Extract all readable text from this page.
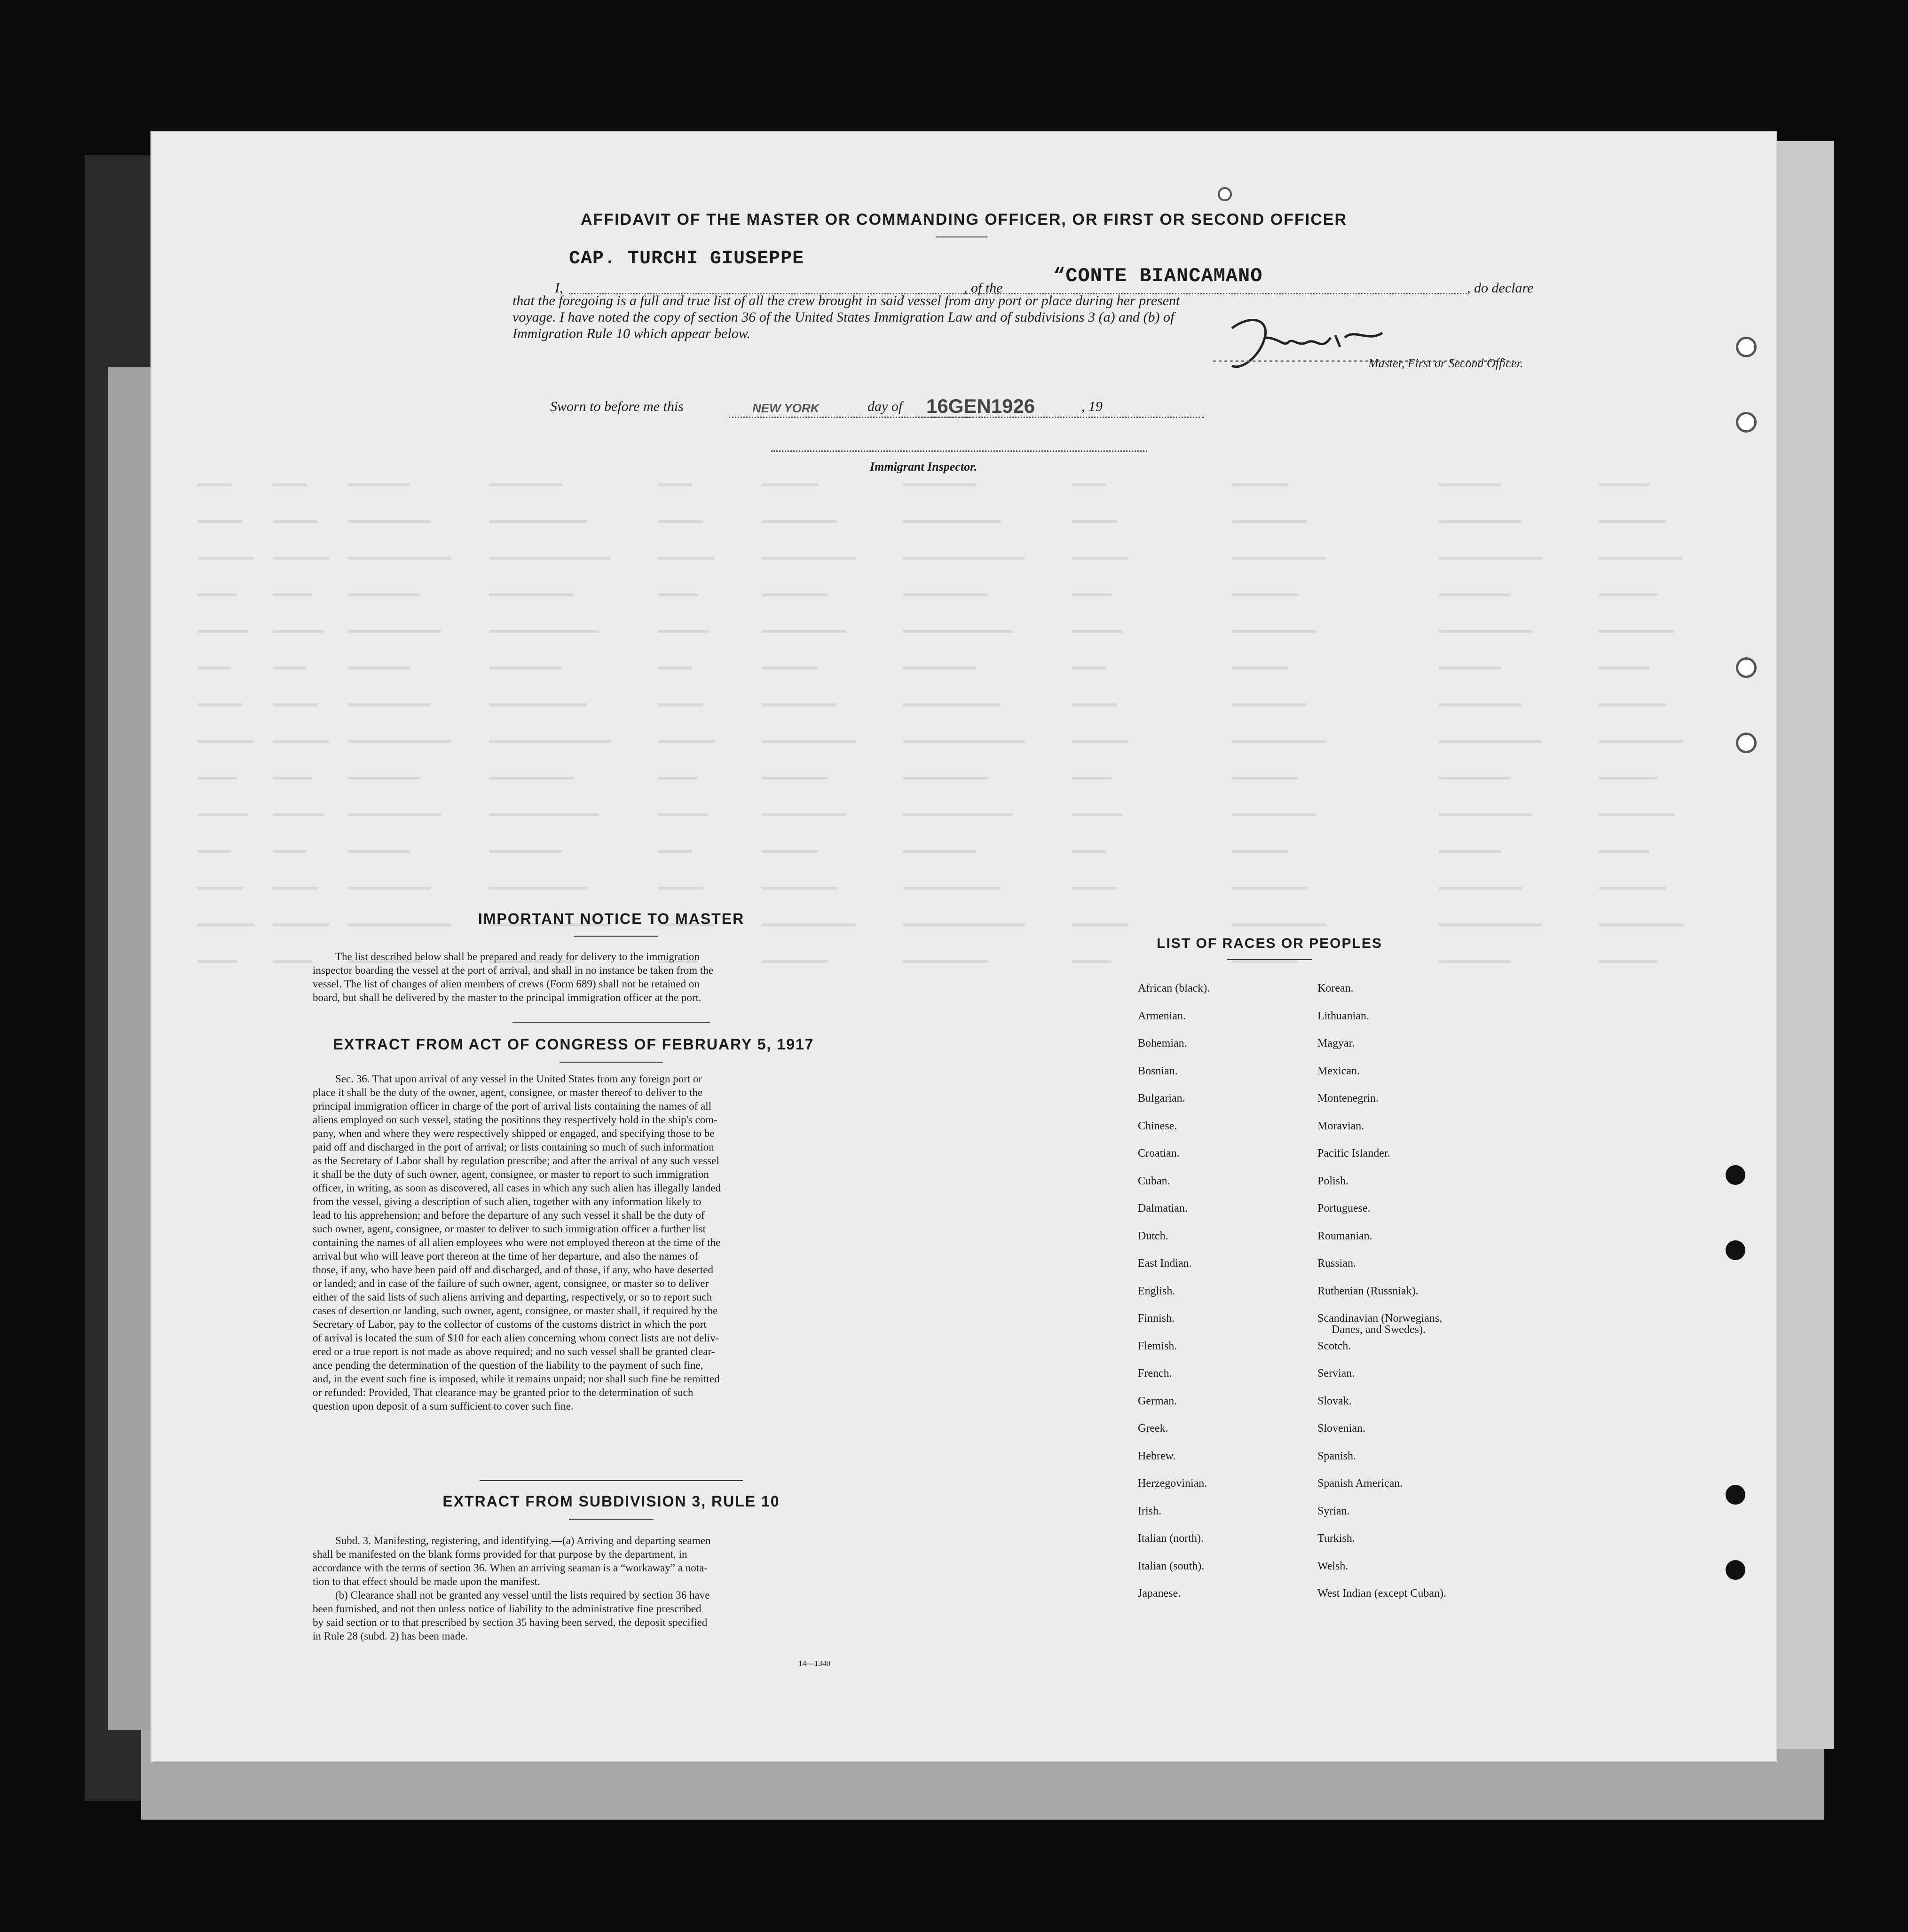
AFFIDAVIT OF THE MASTER OR COMMANDING OFFICER, OR FIRST OR SECOND OFFICER
I,
CAP. TURCHI GIUSEPPE
, of the
“CONTE BIANCAMANO
, do declare
that the foregoing is a full and true list of all the crew brought in said vessel from any port or place during her present
voyage. I have noted the copy of section 36 of the United States Immigration Law and of subdivisions 3 (a) and (b) of
Immigration Rule 10 which appear below.
Master, First or Second Officer.
Sworn to before me this	NEW YORK	day of 16GEN1926	, 19
Immigrant Inspector.
IMPORTANT NOTICE TO MASTER
The list described below shall be prepared and ready for delivery to the immigration
inspector boarding the vessel at the port of arrival, and shall in no instance be taken from the
vessel. The list of changes of alien members of crews (Form 689) shall not be retained on
board, but shall be delivered by the master to the principal immigration officer at the port.
EXTRACT FROM ACT OF CONGRESS OF FEBRUARY 5, 1917
Sec. 36. That upon arrival of any vessel in the United States from any foreign port or
place it shall be the duty of the owner, agent, consignee, or master thereof to deliver to the
principal immigration officer in charge of the port of arrival lists containing the names of all
aliens employed on such vessel, stating the positions they respectively hold in the ship's com-
pany, when and where they were respectively shipped or engaged, and specifying those to be
paid off and discharged in the port of arrival; or lists containing so much of such information
as the Secretary of Labor shall by regulation prescribe; and after the arrival of any such vessel
it shall be the duty of such owner, agent, consignee, or master to report to such immigration
officer, in writing, as soon as discovered, all cases in which any such alien has illegally landed
from the vessel, giving a description of such alien, together with any information likely to
lead to his apprehension; and before the departure of any such vessel it shall be the duty of
such owner, agent, consignee, or master to deliver to such immigration officer a further list
containing the names of all alien employees who were not employed thereon at the time of the
arrival but who will leave port thereon at the time of her departure, and also the names of
those, if any, who have been paid off and discharged, and of those, if any, who have deserted
or landed; and in case of the failure of such owner, agent, consignee, or master so to deliver
either of the said lists of such aliens arriving and departing, respectively, or so to report such
cases of desertion or landing, such owner, agent, consignee, or master shall, if required by the
Secretary of Labor, pay to the collector of customs of the customs district in which the port
of arrival is located the sum of $10 for each alien concerning whom correct lists are not deliv-
ered or a true report is not made as above required; and no such vessel shall be granted clear-
ance pending the determination of the question of the liability to the payment of such fine,
and, in the event such fine is imposed, while it remains unpaid; nor shall such fine be remitted
or refunded: Provided, That clearance may be granted prior to the determination of such
question upon deposit of a sum sufficient to cover such fine.
EXTRACT FROM SUBDIVISION 3, RULE 10
Subd. 3. Manifesting, registering, and identifying.—(a) Arriving and departing seamen
shall be manifested on the blank forms provided for that purpose by the department, in
accordance with the terms of section 36. When an arriving seaman is a “workaway” a nota-
tion to that effect should be made upon the manifest.
(b) Clearance shall not be granted any vessel until the lists required by section 36 have
been furnished, and not then unless notice of liability to the administrative fine prescribed
by said section or to that prescribed by section 35 having been served, the deposit specified
in Rule 28 (subd. 2) has been made.
14—1340
LIST OF RACES OR PEOPLES
African (black).
Armenian.
Bohemian.
Bosnian.
Bulgarian.
Chinese.
Croatian.
Cuban.
Dalmatian.
Dutch.
East Indian.
English.
Finnish.
Flemish.
French.
German.
Greek.
Hebrew.
Herzegovinian.
Irish.
Italian (north).
Italian (south).
Japanese.
Korean.
Lithuanian.
Magyar.
Mexican.
Montenegrin.
Moravian.
Pacific Islander.
Polish.
Portuguese.
Roumanian.
Russian.
Ruthenian (Russniak).
Scandinavian (Norwegians,
Danes, and Swedes).
Scotch.
Servian.
Slovak.
Slovenian.
Spanish.
Spanish American.
Syrian.
Turkish.
Welsh.
West Indian (except Cuban).
